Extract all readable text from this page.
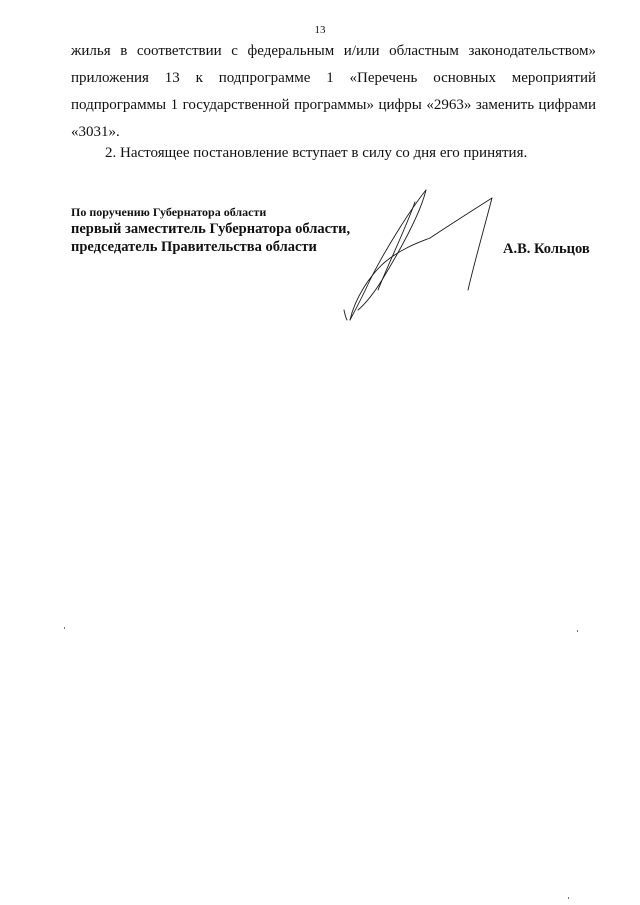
13
жилья в соответствии с федеральным и/или областным законодательством»
приложения 13 к подпрограмме 1 «Перечень основных мероприятий
подпрограммы 1 государственной программы» цифры «2963» заменить цифрами
«3031».
2. Настоящее постановление вступает в силу со дня его принятия.
По поручению Губернатора области
первый заместитель Губернатора области,
председатель Правительства области	А.В. Кольцов
